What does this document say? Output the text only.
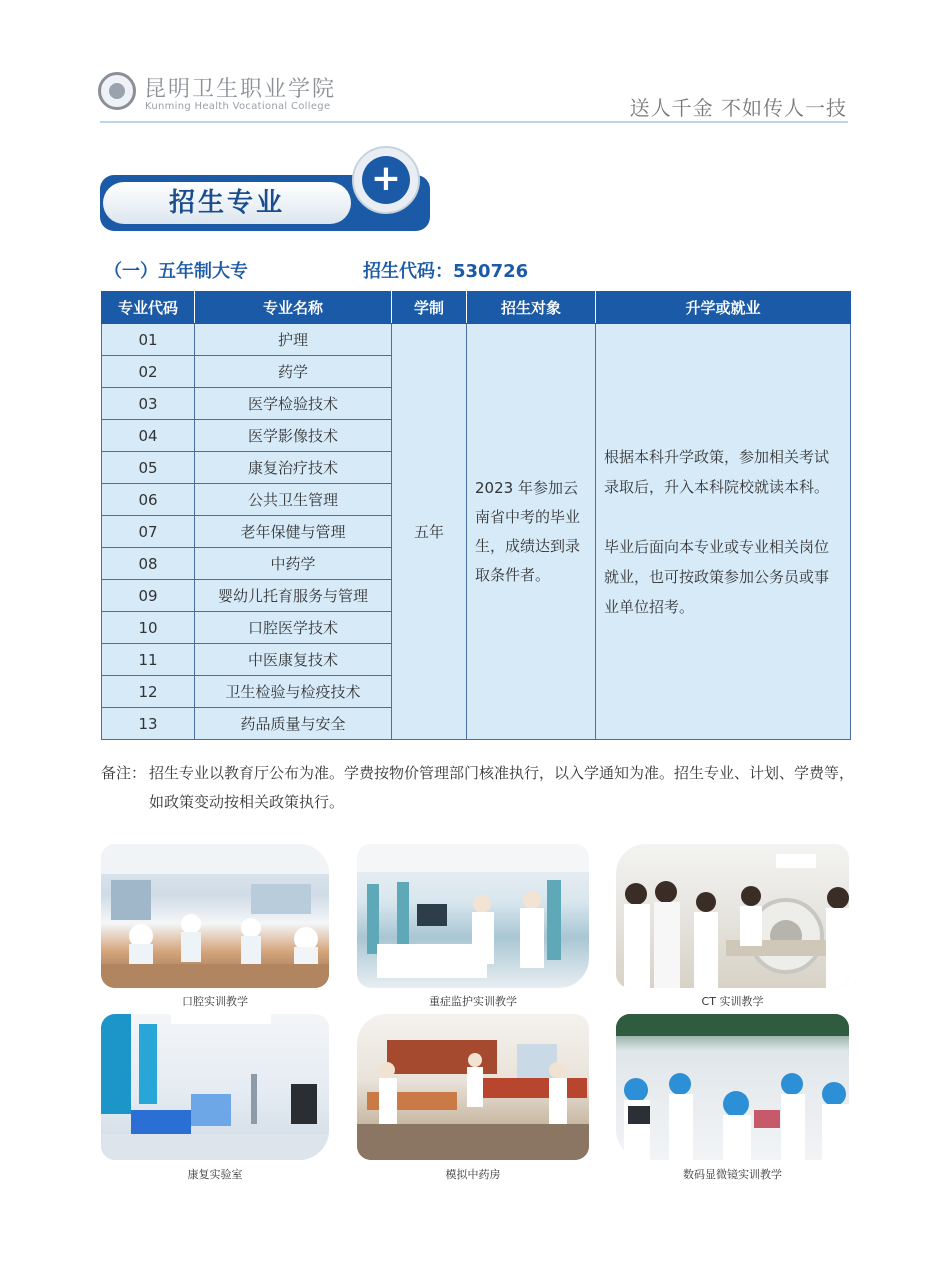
昆明卫生职业学院
Kunming Health Vocational College	送人千金 不如传人一技
招生专业
+
（一）五年制大专	招生代码：530726
专业代码	专业名称	学制	招生对象	升学或就业
01	护理	五年	2023 年参加云南省中考的毕业生，成绩达到录取条件者。	根据本科升学政策，参加相关考试录取后，升入本科院校就读本科。

毕业后面向本专业或专业相关岗位就业，也可按政策参加公务员或事业单位招考。

02	药学			
03	医学检验技术			
04	医学影像技术			
05	康复治疗技术			
06	公共卫生管理			
07	老年保健与管理			
08	中药学			
09	婴幼儿托育服务与管理			
10	口腔医学技术			
11	中医康复技术			
12	卫生检验与检疫技术			
13	药品质量与安全			
备注： 招生专业以教育厅公布为准。学费按物价管理部门核准执行，以入学通知为准。招生专业、计划、学费等，如政策变动按相关政策执行。
口腔实训教学	重症监护实训教学	CT 实训教学
康复实验室	模拟中药房	数码显微镜实训教学
